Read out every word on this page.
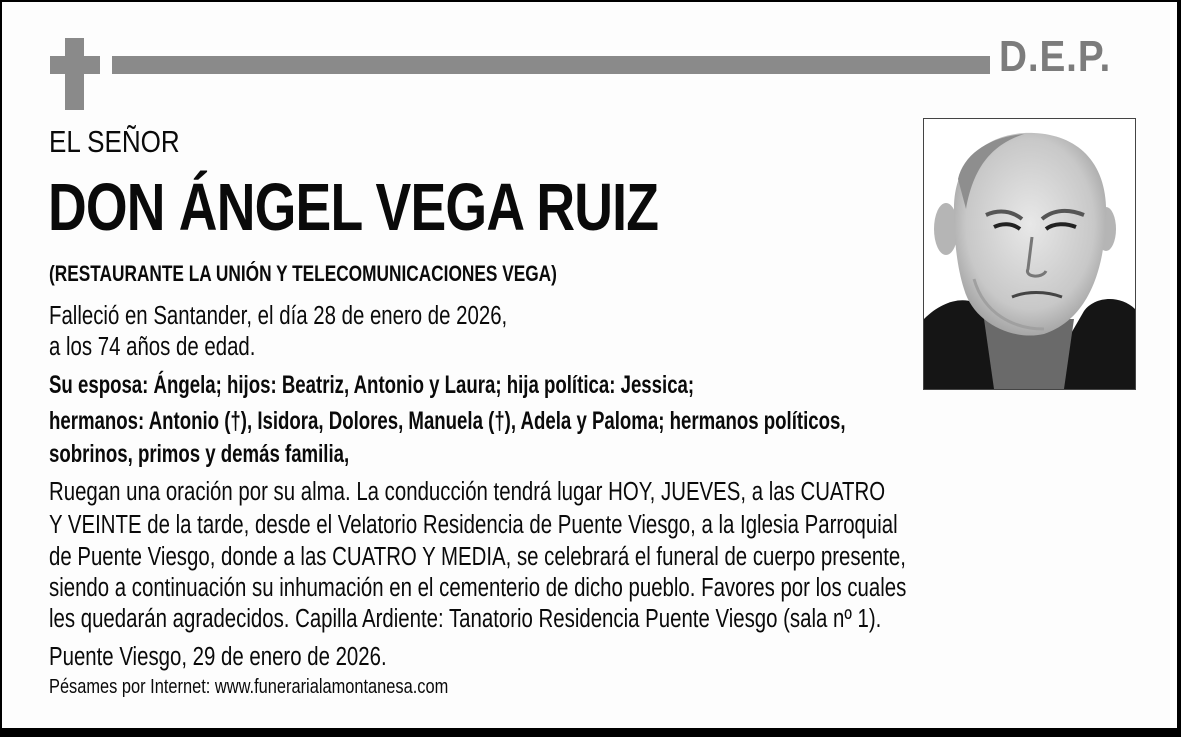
D.E.P.
EL SEÑOR
DON ÁNGEL VEGA RUIZ
(RESTAURANTE LA UNIÓN Y TELECOMUNICACIONES VEGA)
Falleció en Santander, el día 28 de enero de 2026,
a los 74 años de edad.
Su esposa: Ángela; hijos: Beatriz, Antonio y Laura; hija política: Jessica;
hermanos: Antonio (†), Isidora, Dolores, Manuela (†), Adela y Paloma; hermanos políticos,
sobrinos, primos y demás familia,
Ruegan una oración por su alma. La conducción tendrá lugar HOY, JUEVES, a las CUATRO
Y VEINTE de la tarde, desde el Velatorio Residencia de Puente Viesgo, a la Iglesia Parroquial
de Puente Viesgo, donde a las CUATRO Y MEDIA, se celebrará el funeral de cuerpo presente,
siendo a continuación su inhumación en el cementerio de dicho pueblo. Favores por los cuales
les quedarán agradecidos. Capilla Ardiente: Tanatorio Residencia Puente Viesgo (sala nº 1).
Puente Viesgo, 29 de enero de 2026.
Pésames por Internet: www.funerarialamontanesa.com
